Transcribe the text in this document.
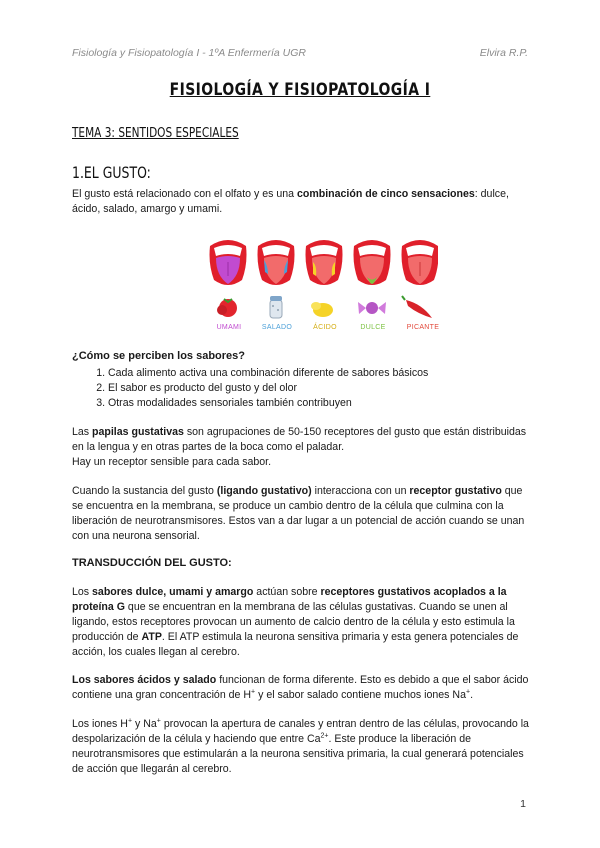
Fisiología y Fisiopatología I - 1ºA Enfermería UGR	Elvira R.P.
FISIOLOGÍA Y FISIOPATOLOGÍA I
TEMA 3: SENTIDOS ESPECIALES
1.EL GUSTO:
El gusto está relacionado con el olfato y es una combinación de cinco sensaciones: dulce, ácido, salado, amargo y umami.
UMAMI	SALADO	ÁCIDO	DULCE	PICANTE
¿Cómo se perciben los sabores?
1. Cada alimento activa una combinación diferente de sabores básicos
2. El sabor es producto del gusto y del olor
3. Otras modalidades sensoriales también contribuyen
Las papilas gustativas son agrupaciones de 50-150 receptores del gusto que están distribuidas en la lengua y en otras partes de la boca como el paladar.
Hay un receptor sensible para cada sabor.
Cuando la sustancia del gusto (ligando gustativo) interacciona con un receptor gustativo que se encuentra en la membrana, se produce un cambio dentro de la célula que culmina con la liberación de neurotransmisores. Estos van a dar lugar a un potencial de acción cuando se unan con una neurona sensorial.
TRANSDUCCIÓN DEL GUSTO:
Los sabores dulce, umami y amargo actúan sobre receptores gustativos acoplados a la proteína G que se encuentran en la membrana de las células gustativas. Cuando se unen al ligando, estos receptores provocan un aumento de calcio dentro de la célula y esto estimula la producción de ATP. El ATP estimula la neurona sensitiva primaria y esta genera potenciales de acción, los cuales llegan al cerebro.
Los sabores ácidos y salado funcionan de forma diferente. Esto es debido a que el sabor ácido contiene una gran concentración de H+ y el sabor salado contiene muchos iones Na+.
Los iones H+ y Na+ provocan la apertura de canales y entran dentro de las células, provocando la despolarización de la célula y haciendo que entre $Ca^{2+}$. Este produce la liberación de neurotransmisores que estimularán a la neurona sensitiva primaria, la cual generará potenciales de acción que llegarán al cerebro.
1
